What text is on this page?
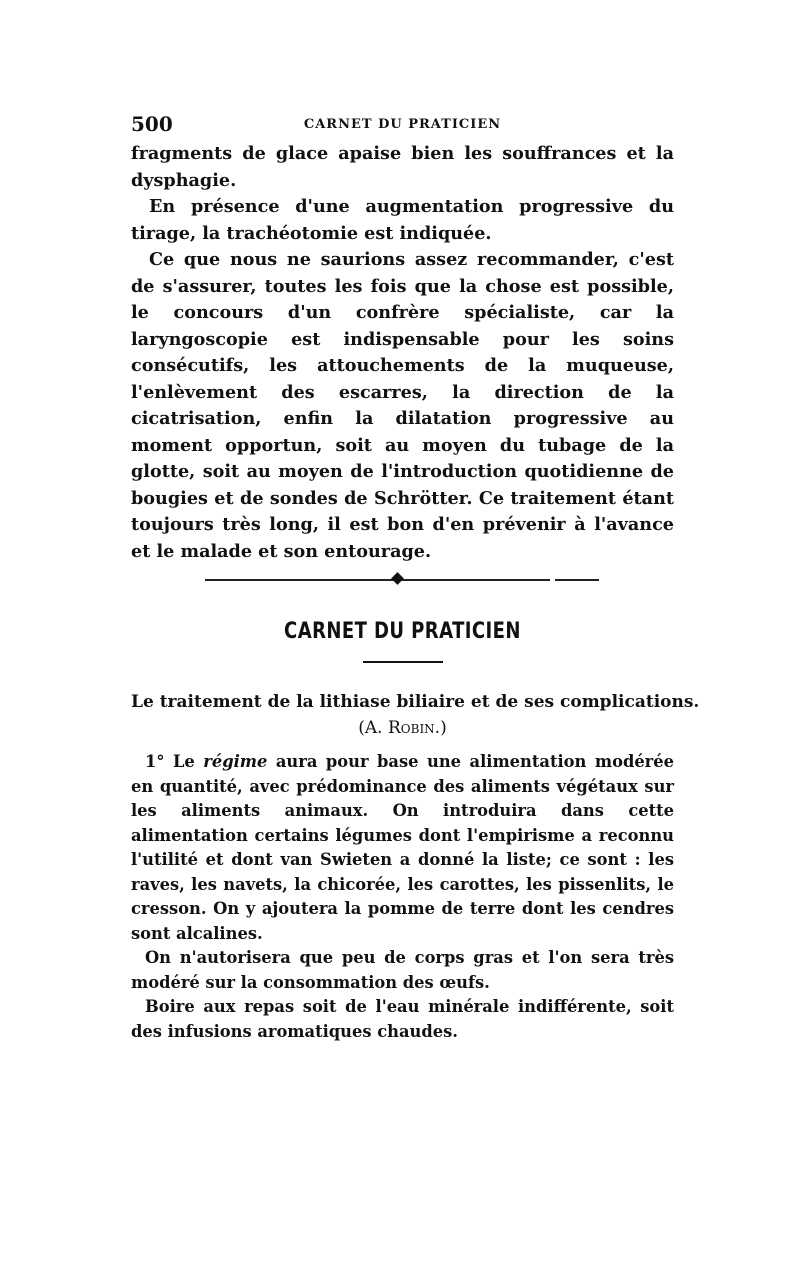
500	CARNET DU PRATICIEN

fragments de glace apaise bien les souffrances et la dysphagie.

En présence d'une augmentation progressive du tirage, la trachéotomie est indiquée.

Ce que nous ne saurions assez recommander, c'est de s'assurer, toutes les fois que la chose est possible, le concours d'un confrère spécialiste, car la laryngoscopie est indispensable pour les soins consécutifs, les attouchements de la muqueuse, l'enlèvement des escarres, la direction de la cicatrisation, enfin la dilatation progressive au moment opportun, soit au moyen du tubage de la glotte, soit au moyen de l'introduction quotidienne de bougies et de sondes de Schrötter. Ce traitement étant toujours très long, il est bon d'en prévenir à l'avance et le malade et son entourage.

CARNET DU PRATICIEN
Le traitement de la lithiase biliaire et de ses complications.
(A. Robin.)

1° Le régime aura pour base une alimentation modérée en quantité, avec prédominance des aliments végétaux sur les aliments animaux. On introduira dans cette alimentation certains légumes dont l'empirisme a reconnu l'utilité et dont van Swieten a donné la liste; ce sont : les raves, les navets, la chicorée, les carottes, les pissenlits, le cresson. On y ajoutera la pomme de terre dont les cendres sont alcalines.

On n'autorisera que peu de corps gras et l'on sera très modéré sur la consommation des œufs.

Boire aux repas soit de l'eau minérale indifférente, soit des infusions aromatiques chaudes.
